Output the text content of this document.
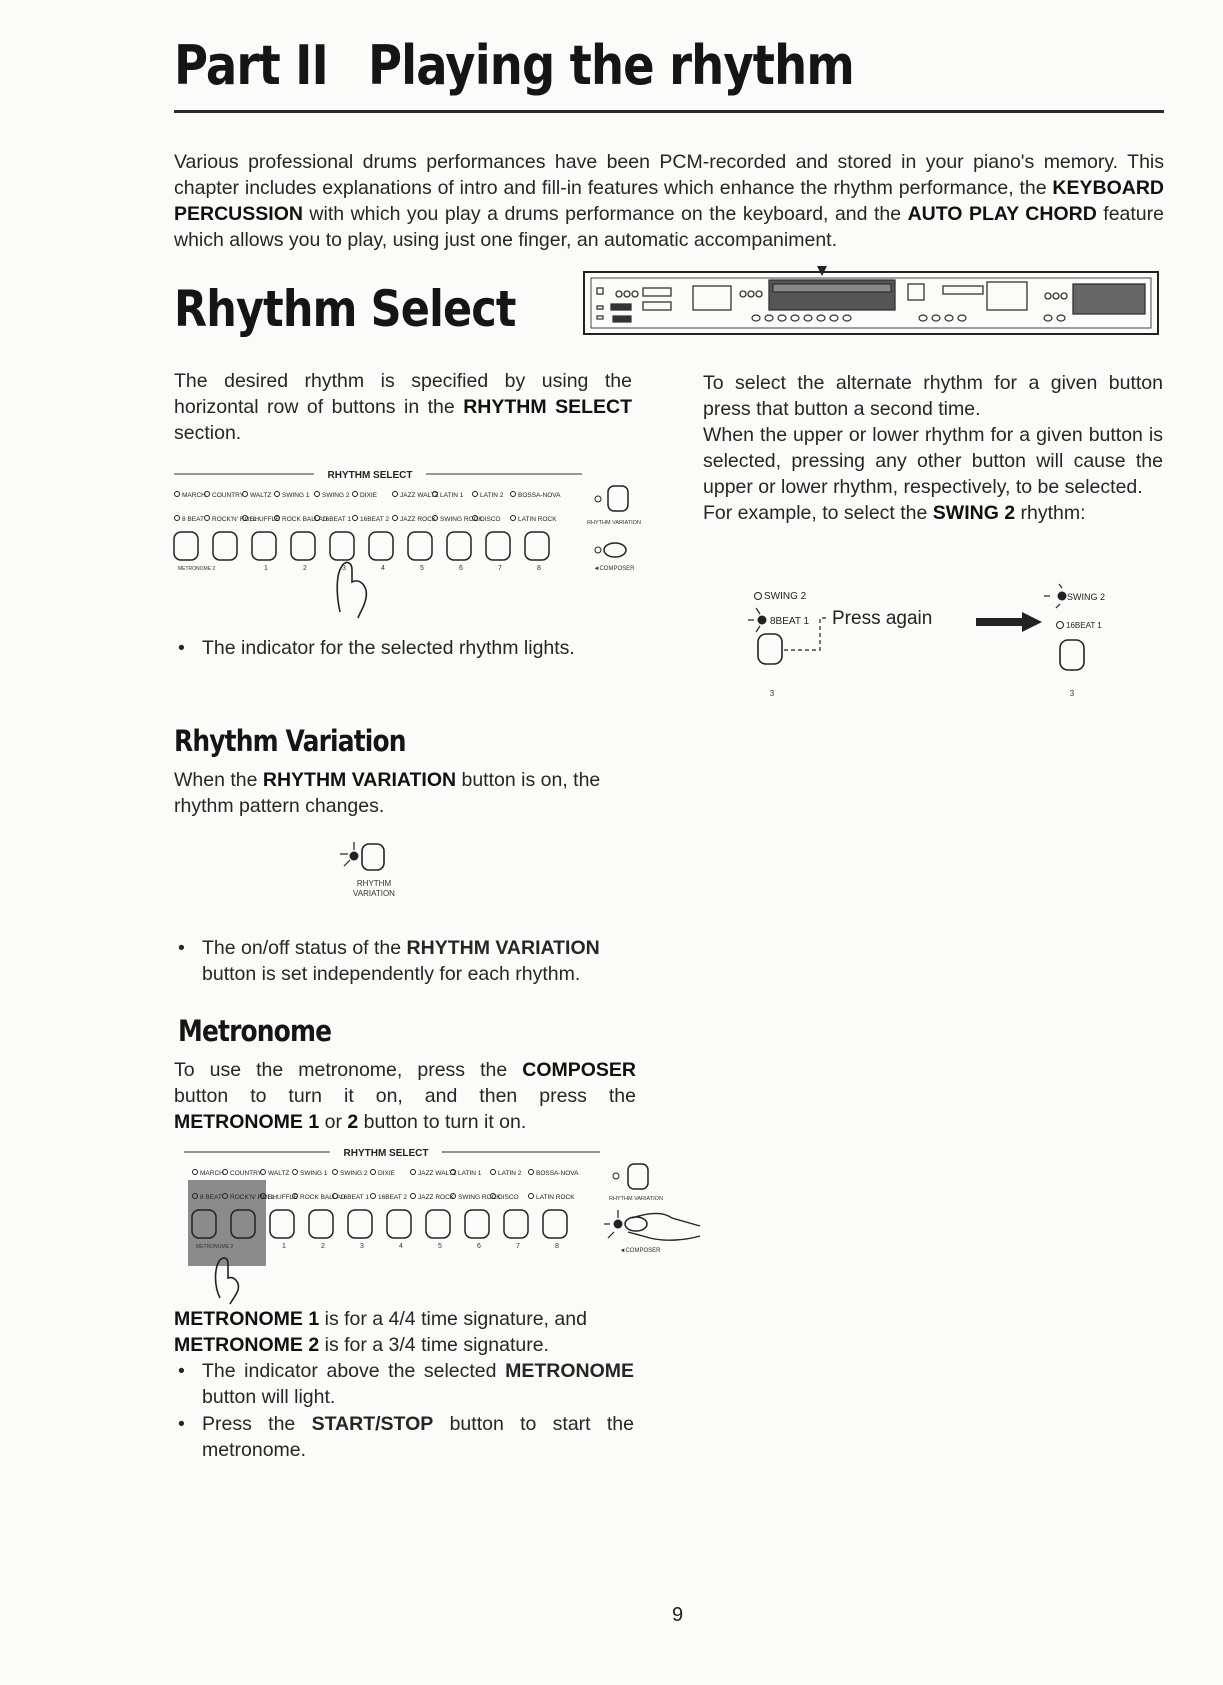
Part II Playing the rhythm
Various professional drums performances have been PCM-recorded and stored in your piano's memory. This chapter includes explanations of intro and fill-in features which enhance the rhythm performance, the KEYBOARD PERCUSSION with which you play a drums performance on the keyboard, and the AUTO PLAY CHORD feature which allows you to play, using just one finger, an automatic accompaniment.
Rhythm Select
The desired rhythm is specified by using the horizontal row of buttons in the RHYTHM SELECT section.
RHYTHM SELECT
MARCH COUNTRY WALTZ SWING 1 SWING 2 DIXIE	JAZZ WALTZ LATIN 1	LATIN 2 BOSSA-NOVA
8 BEAT ROCK'N' ROLL
SHUFFLE ROCK BALLAD
16BEAT 1 16BEAT 2 JAZZ ROCK SWING ROCK
DISCO	LATIN ROCK
METRONOME 2	1	2	3	4	5	6	7	8
RHYTHM VARIATION
◄COMPOSER
• The indicator for the selected rhythm lights.
To select the alternate rhythm for a given button press that button a second time.
When the upper or lower rhythm for a given button is selected, pressing any other button will cause the upper or lower rhythm, respectively, to be selected.
For example, to select the SWING 2 rhythm:
SWING 2
8BEAT 1
3
Press again
SWING 2
16BEAT 1
3
Rhythm Variation
When the RHYTHM VARIATION button is on, the rhythm pattern changes.
RHYTHM
VARIATION
• The on/off status of the RHYTHM VARIATION button is set independently for each rhythm.
Metronome
To use the metronome, press the COMPOSER button to turn it on, and then press the METRONOME 1 or 2 button to turn it on.
RHYTHM SELECT
MARCH COUNTRY WALTZ SWING 1 SWING 2 DIXIE	JAZZ WALTZ LATIN 1	LATIN 2 BOSSA-NOVA
8 BEAT ROCK'N' ROLL
SHUFFLE ROCK BALLAD
16BEAT 1 16BEAT 2 JAZZ ROCK SWING ROCK
DISCO	LATIN ROCK
METRONOME 2	1	2	3	4	5	6	7	8
RHYTHM VARIATION
◄COMPOSER
METRONOME 1 is for a 4/4 time signature, and METRONOME 2 is for a 3/4 time signature.
• The indicator above the selected METRONOME button will light.
• Press the START/STOP button to start the metronome.
9
